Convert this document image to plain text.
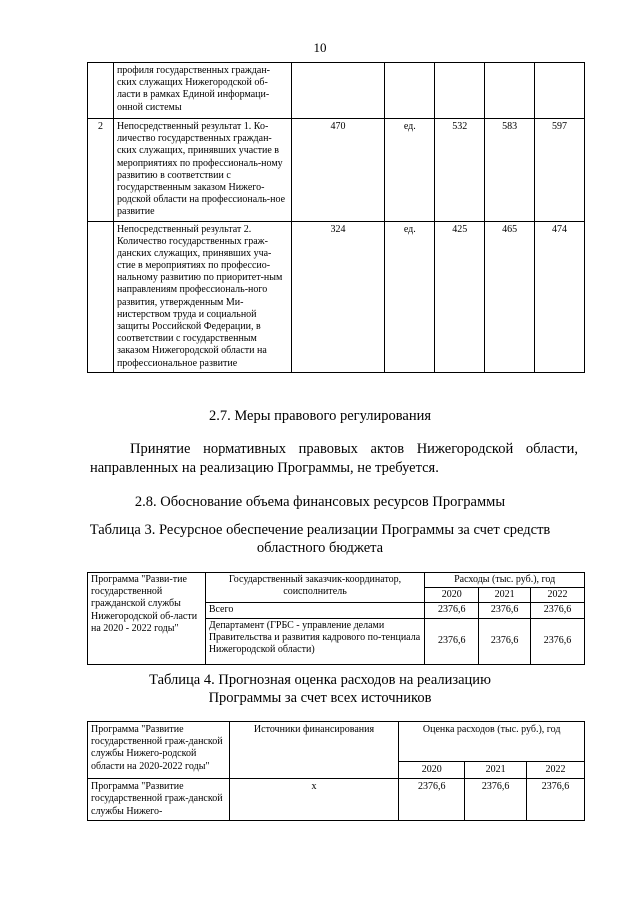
10
	профиля государственных граждан-ских служащих Нижегородской об-ласти в рамках Единой информаци-онной системы					
2	Непосредственный результат 1. Ко-личество государственных граждан-ских служащих, принявших участие в мероприятиях по профессиональ-ному развитию в соответствии с государственным заказом Нижего-родской области на профессиональ-ное развитие	470	ед.	532	583	597
	Непосредственный результат 2. Количество государственных граж-данских служащих, принявших уча-стие в мероприятиях по профессио-нальному развитию по приоритет-ным направлениям профессиональ-ного развития, утвержденным Ми-нистерством труда и социальной защиты Российской Федерации, в соответствии с государственным заказом Нижегородской области на профессиональное развитие	324	ед.	425	465	474
2.7. Меры правового регулирования
Принятие нормативных правовых актов Нижегородской области, направленных на реализацию Программы, не требуется.
2.8. Обоснование объема финансовых ресурсов Программы
Таблица 3. Ресурсное обеспечение реализации Программы за счет средств
областного бюджета
Программа "Разви-тие государственной гражданской службы Нижегородской об-ласти на 2020 - 2022 годы"	Государственный заказчик-координатор, соисполнитель	Расходы (тыс. руб.), год		
		2020	2021	2022
	Всего	2376,6	2376,6	2376,6
	Департамент (ГРБС - управление делами Правительства и развития кадрового по-тенциала Нижегородской области)	2376,6	2376,6	2376,6
Таблица 4. Прогнозная оценка расходов на реализацию
Программы за счет всех источников
Программа "Развитие государственной граж-данской службы Нижего-родской области на 2020-2022 годы"	Источники финансирования	Оценка расходов (тыс. руб.), год		
		2020	2021	2022
Программа "Развитие государственной граж-данской службы Нижего-	х	2376,6	2376,6	2376,6
